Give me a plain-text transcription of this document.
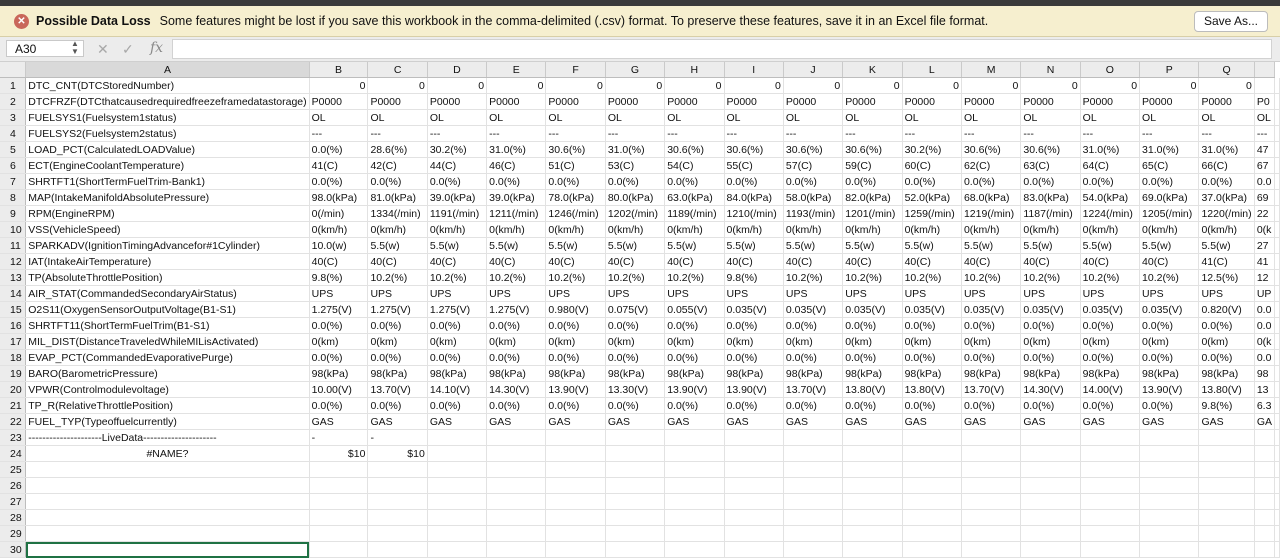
✕ Possible Data Loss Some features might be lost if you save this workbook in the comma-delimited (.csv) format. To preserve these features, save it in an Excel file format.	Save As...
A30	▲
▼ ✕ ✓ fx
	A	B	C	D	E	F	G	H	I	J	K	L	M	N	O	P	Q		
1	DTC_CNT(DTCStoredNumber)	0	0	0	0	0	0	0	0	0	0	0	0	0	0	0	0		
2	DTCFRZF(DTCthatcausedrequiredfreezeframedatastorage)	P0000	P0000	P0000	P0000	P0000	P0000	P0000	P0000	P0000	P0000	P0000	P0000	P0000	P0000	P0000	P0000	P0	
3	FUELSYS1(Fuelsystem1status)	OL	OL	OL	OL	OL	OL	OL	OL	OL	OL	OL	OL	OL	OL	OL	OL	OL	
4	FUELSYS2(Fuelsystem2status)	---	---	---	---	---	---	---	---	---	---	---	---	---	---	---	---	---	
5	LOAD_PCT(CalculatedLOADValue)	0.0(%)	28.6(%)	30.2(%)	31.0(%)	30.6(%)	31.0(%)	30.6(%)	30.6(%)	30.6(%)	30.6(%)	30.2(%)	30.6(%)	30.6(%)	31.0(%)	31.0(%)	31.0(%)	47	
6	ECT(EngineCoolantTemperature)	41(C)	42(C)	44(C)	46(C)	51(C)	53(C)	54(C)	55(C)	57(C)	59(C)	60(C)	62(C)	63(C)	64(C)	65(C)	66(C)	67	
7	SHRTFT1(ShortTermFuelTrim-Bank1)	0.0(%)	0.0(%)	0.0(%)	0.0(%)	0.0(%)	0.0(%)	0.0(%)	0.0(%)	0.0(%)	0.0(%)	0.0(%)	0.0(%)	0.0(%)	0.0(%)	0.0(%)	0.0(%)	0.0	
8	MAP(IntakeManifoldAbsolutePressure)	98.0(kPa)	81.0(kPa)	39.0(kPa)	39.0(kPa)	78.0(kPa)	80.0(kPa)	63.0(kPa)	84.0(kPa)	58.0(kPa)	82.0(kPa)	52.0(kPa)	68.0(kPa)	83.0(kPa)	54.0(kPa)	69.0(kPa)	37.0(kPa)	69	
9	RPM(EngineRPM)	0(/min)	1334(/min)	1191(/min)	1211(/min)	1246(/min)	1202(/min)	1189(/min)	1210(/min)	1193(/min)	1201(/min)	1259(/min)	1219(/min)	1187(/min)	1224(/min)	1205(/min)	1220(/min)	22	
10	VSS(VehicleSpeed)	0(km/h)	0(km/h)	0(km/h)	0(km/h)	0(km/h)	0(km/h)	0(km/h)	0(km/h)	0(km/h)	0(km/h)	0(km/h)	0(km/h)	0(km/h)	0(km/h)	0(km/h)	0(km/h)	0(k	
11	SPARKADV(IgnitionTimingAdvancefor#1Cylinder)	10.0(w)	5.5(w)	5.5(w)	5.5(w)	5.5(w)	5.5(w)	5.5(w)	5.5(w)	5.5(w)	5.5(w)	5.5(w)	5.5(w)	5.5(w)	5.5(w)	5.5(w)	5.5(w)	27	
12	IAT(IntakeAirTemperature)	40(C)	40(C)	40(C)	40(C)	40(C)	40(C)	40(C)	40(C)	40(C)	40(C)	40(C)	40(C)	40(C)	40(C)	40(C)	41(C)	41	
13	TP(AbsoluteThrottlePosition)	9.8(%)	10.2(%)	10.2(%)	10.2(%)	10.2(%)	10.2(%)	10.2(%)	9.8(%)	10.2(%)	10.2(%)	10.2(%)	10.2(%)	10.2(%)	10.2(%)	10.2(%)	12.5(%)	12	
14	AIR_STAT(CommandedSecondaryAirStatus)	UPS	UPS	UPS	UPS	UPS	UPS	UPS	UPS	UPS	UPS	UPS	UPS	UPS	UPS	UPS	UPS	UP	
15	O2S11(OxygenSensorOutputVoltage(B1-S1)	1.275(V)	1.275(V)	1.275(V)	1.275(V)	0.980(V)	0.075(V)	0.055(V)	0.035(V)	0.035(V)	0.035(V)	0.035(V)	0.035(V)	0.035(V)	0.035(V)	0.035(V)	0.820(V)	0.0	
16	SHRTFT11(ShortTermFuelTrim(B1-S1)	0.0(%)	0.0(%)	0.0(%)	0.0(%)	0.0(%)	0.0(%)	0.0(%)	0.0(%)	0.0(%)	0.0(%)	0.0(%)	0.0(%)	0.0(%)	0.0(%)	0.0(%)	0.0(%)	0.0	
17	MIL_DIST(DistanceTraveledWhileMILisActivated)	0(km)	0(km)	0(km)	0(km)	0(km)	0(km)	0(km)	0(km)	0(km)	0(km)	0(km)	0(km)	0(km)	0(km)	0(km)	0(km)	0(k	
18	EVAP_PCT(CommandedEvaporativePurge)	0.0(%)	0.0(%)	0.0(%)	0.0(%)	0.0(%)	0.0(%)	0.0(%)	0.0(%)	0.0(%)	0.0(%)	0.0(%)	0.0(%)	0.0(%)	0.0(%)	0.0(%)	0.0(%)	0.0	
19	BARO(BarometricPressure)	98(kPa)	98(kPa)	98(kPa)	98(kPa)	98(kPa)	98(kPa)	98(kPa)	98(kPa)	98(kPa)	98(kPa)	98(kPa)	98(kPa)	98(kPa)	98(kPa)	98(kPa)	98(kPa)	98	
20	VPWR(Controlmodulevoltage)	10.00(V)	13.70(V)	14.10(V)	14.30(V)	13.90(V)	13.30(V)	13.90(V)	13.90(V)	13.70(V)	13.80(V)	13.80(V)	13.70(V)	14.30(V)	14.00(V)	13.90(V)	13.80(V)	13	
21	TP_R(RelativeThrottlePosition)	0.0(%)	0.0(%)	0.0(%)	0.0(%)	0.0(%)	0.0(%)	0.0(%)	0.0(%)	0.0(%)	0.0(%)	0.0(%)	0.0(%)	0.0(%)	0.0(%)	0.0(%)	9.8(%)	6.3	
22	FUEL_TYP(Typeoffuelcurrently)	GAS	GAS	GAS	GAS	GAS	GAS	GAS	GAS	GAS	GAS	GAS	GAS	GAS	GAS	GAS	GAS	GA	
23	---------------------LiveData---------------------	-	-																
24	#NAME?	$10	$10																
25																			
26																			
27																			
28																			
29																			
30																			
